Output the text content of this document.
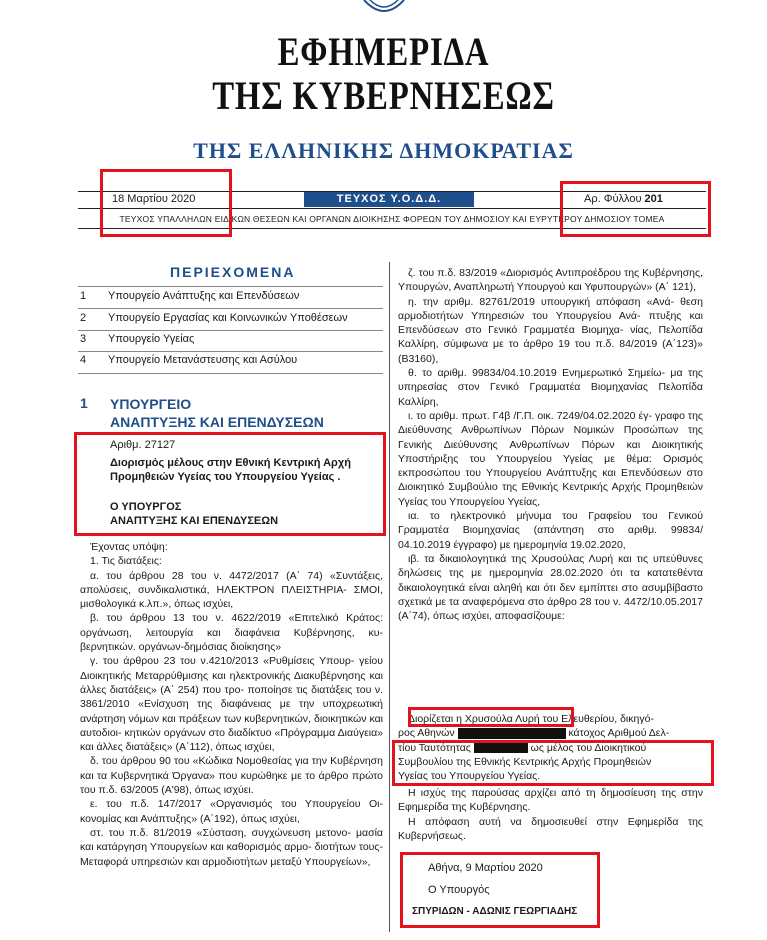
ΕΦΗΜΕΡΙΔΑ
ΤΗΣ ΚΥΒΕΡΝΗΣΕΩΣ
ΤΗΣ ΕΛΛΗΝΙΚΗΣ ΔΗΜΟΚΡΑΤΙΑΣ
18 Μαρτίου 2020	ΤΕΥΧΟΣ Υ.Ο.Δ.Δ.	Αρ. Φύλλου 201
ΤΕΥΧΟΣ ΥΠΑΛΛΗΛΩΝ ΕΙΔΙΚΩΝ ΘΕΣΕΩΝ ΚΑΙ ΟΡΓΑΝΩΝ ΔΙΟΙΚΗΣΗΣ ΦΟΡΕΩΝ ΤΟΥ ΔΗΜΟΣΙΟΥ ΚΑΙ ΕΥΡΥΤΕΡΟΥ ΔΗΜΟΣΙΟΥ ΤΟΜΕΑ
ΠΕΡΙΕΧΟΜΕΝΑ
1 Υπουργείο Ανάπτυξης και Επενδύσεων
2 Υπουργείο Εργασίας και Κοινωνικών Υποθέσεων
3 Υπουργείο Υγείας
4 Υπουργείο Μετανάστευσης και Ασύλου
1 ΥΠΟΥΡΓΕΙΟ
ΑΝΑΠΤΥΞΗΣ ΚΑΙ ΕΠΕΝΔΥΣΕΩΝ
Αριθμ. 27127
Διορισμός μέλους στην Εθνική Κεντρική Αρχή Προμηθειών Υγείας του Υπουργείου Υγείας .
Ο ΥΠΟΥΡΓΟΣ
ΑΝΑΠΤΥΞΗΣ ΚΑΙ ΕΠΕΝΔΥΣΕΩΝ

Έχοντας υπόψη:

1. Τις διατάξεις:

α. του άρθρου 28 του ν. 4472/2017 (Α΄ 74) «Συντάξεις, απολύσεις, συνδικαλιστικά, ΗΛΕΚΤΡΟΝ ΠΛΕΙΣΤΗΡΙΑ- ΣΜΟΙ, μισθολογικά κ.λπ.», όπως ισχύει,

β. του άρθρου 13 του ν. 4622/2019 «Επιτελικό Κράτος: οργάνωση, λειτουργία και διαφάνεια Κυβέρνησης, κυ- βερνητικών. οργάνων-δημόσιας διοίκησης»

γ. του άρθρου 23 του ν.4210/2013 «Ρυθμίσεις Υπουρ- γείου Διοικητικής Μεταρρύθμισης και ηλεκτρονικής Διακυβέρνησης και άλλες διατάξεις» (Α΄ 254) που τρο- ποποίησε τις διατάξεις του ν. 3861/2010 «Ενίσχυση της διαφάνειας με την υποχρεωτική ανάρτηση νόμων και πράξεων των κυβερνητικών, διοικητικών και αυτοδιοι- κητικών οργάνων στο διαδίκτυο «Πρόγραμμα Διαύγεια» και άλλες διατάξεις» (Α΄112), όπως ισχύει,

δ. του άρθρου 90 του «Κώδικα Νομοθεσίας για την Κυβέρνηση και τα Κυβερνητικά Όργανα» που κυρώθηκε με το άρθρο πρώτο του π.δ. 63/2005 (Α'98), όπως ισχύει.

ε. του π.δ. 147/2017 «Οργανισμός του Υπουργείου Οι- κονομίας και Ανάπτυξης» (Α΄192), όπως ισχύει,

στ. του π.δ. 81/2019 «Σύσταση, συγχώνευση μετονο- μασία και κατάργηση Υπουργείων και καθορισμός αρμο- διοτήτων τους-Μεταφορά υπηρεσιών και αρμοδιοτήτων μεταξύ Υπουργείων»,

ζ. του π.δ. 83/2019 «Διορισμός Αντιπροέδρου της Κυβέρνησης, Υπουργών, Αναπληρωτή Υπουργού και Υφυπουργών» (Α΄ 121),

η. την αριθμ. 82761/2019 υπουργική απόφαση «Ανά- θεση αρμοδιοτήτων Υπηρεσιών του Υπουργείου Ανά- πτυξης και Επενδύσεων στο Γενικό Γραμματέα Βιομηχα- νίας, Πελοπίδα Καλλίρη, σύμφωνα με το άρθρο 19 του π.δ. 84/2019 (Α΄123)» (Β3160),

θ. το αριθμ. 99834/04.10.2019 Ενημερωτικό Σημείω- μα της υπηρεσίας στον Γενικό Γραμματέα Βιομηχανίας Πελοπίδα Καλλίρη,

ι. το αριθμ. πρωτ. Γ4β /Γ.Π. οικ. 7249/04.02.2020 έγ- γραφο της Διεύθυνσης Ανθρωπίνων Πόρων Νομικών Προσώπων της Γενικής Διεύθυνσης Ανθρωπίνων Πόρων και Διοικητικής Υποστήριξης του Υπουργείου Υγείας με θέμα: Ορισμός εκπροσώπου του Υπουργείου Ανάπτυξης και Επενδύσεων στο Διοικητικό Συμβούλιο της Εθνικής Κεντρικής Αρχής Προμηθειών Υγείας του Υπουργείου Υγείας,

ια. το ηλεκτρονικό μήνυμα του Γραφείου του Γενικού Γραμματέα Βιομηχανίας (απάντηση στο αριθμ. 99834/ 04.10.2019 έγγραφο) με ημερομηνία 19.02.2020,

ιβ. τα δικαιολογητικά της Χρυσούλας Λυρή και τις υπεύθυνες δηλώσεις της με ημερομηνία 28.02.2020 ότι τα κατατεθέντα δικαιολογητικά είναι αληθή και ότι δεν εμπίπτει στο ασυμβίβαστο σχετικά με τα αναφερόμενα στο άρθρο 28 του ν. 4472/10.05.2017 (Α΄74), όπως ισχύει, αποφασίζουμε:

Διορίζεται η Χρυσούλα Λυρή του Ελευθερίου, δικηγό-
ρος Αθηνών	κάτοχος Αριθμού Δελ-
τίου Ταυτότητας	ως μέλος του Διοικητικού
Συμβουλίου της Εθνικής Κεντρικής Αρχής Προμηθειών
Υγείας του Υπουργείου Υγείας.

Η ισχύς της παρούσας αρχίζει από τη δημοσίευση της στην Εφημερίδα της Κυβέρνησης.

Η απόφαση αυτή να δημοσιευθεί στην Εφημερίδα της Κυβερνήσεως.

Αθήνα, 9 Μαρτίου 2020
Ο Υπουργός
ΣΠΥΡΙΔΩΝ - ΑΔΩΝΙΣ ΓΕΩΡΓΙΑΔΗΣ
